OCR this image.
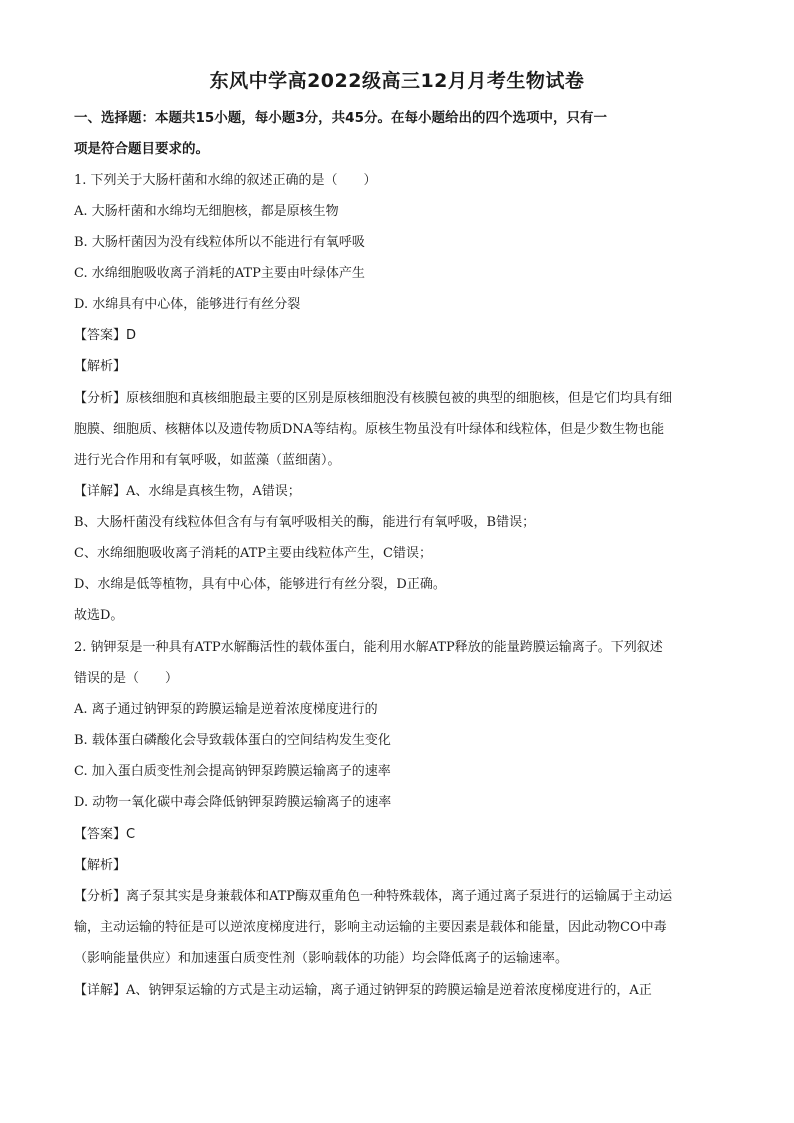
东风中学高2022级高三12月月考生物试卷
一、选择题：本题共15小题，每小题3分，共45分。在每小题给出的四个选项中，只有一
项是符合题目要求的。
1. 下列关于大肠杆菌和水绵的叙述正确的是（　　）
A. 大肠杆菌和水绵均无细胞核，都是原核生物
B. 大肠杆菌因为没有线粒体所以不能进行有氧呼吸
C. 水绵细胞吸收离子消耗的ATP主要由叶绿体产生
D. 水绵具有中心体，能够进行有丝分裂
【答案】D
【解析】
【分析】原核细胞和真核细胞最主要的区别是原核细胞没有核膜包被的典型的细胞核，但是它们均具有细
胞膜、细胞质、核糖体以及遗传物质DNA等结构。原核生物虽没有叶绿体和线粒体，但是少数生物也能
进行光合作用和有氧呼吸，如蓝藻（蓝细菌）。
【详解】A、水绵是真核生物，A错误；
B、大肠杆菌没有线粒体但含有与有氧呼吸相关的酶，能进行有氧呼吸，B错误；
C、水绵细胞吸收离子消耗的ATP主要由线粒体产生，C错误；
D、水绵是低等植物，具有中心体，能够进行有丝分裂，D正确。
故选D。
2. 钠钾泵是一种具有ATP水解酶活性的载体蛋白，能利用水解ATP释放的能量跨膜运输离子。下列叙述
错误的是（　　）
A. 离子通过钠钾泵的跨膜运输是逆着浓度梯度进行的
B. 载体蛋白磷酸化会导致载体蛋白的空间结构发生变化
C. 加入蛋白质变性剂会提高钠钾泵跨膜运输离子的速率
D. 动物一氧化碳中毒会降低钠钾泵跨膜运输离子的速率
【答案】C
【解析】
【分析】离子泵其实是身兼载体和ATP酶双重角色一种特殊载体，离子通过离子泵进行的运输属于主动运
输，主动运输的特征是可以逆浓度梯度进行，影响主动运输的主要因素是载体和能量，因此动物CO中毒
（影响能量供应）和加速蛋白质变性剂（影响载体的功能）均会降低离子的运输速率。
【详解】A、钠钾泵运输的方式是主动运输，离子通过钠钾泵的跨膜运输是逆着浓度梯度进行的，A正
